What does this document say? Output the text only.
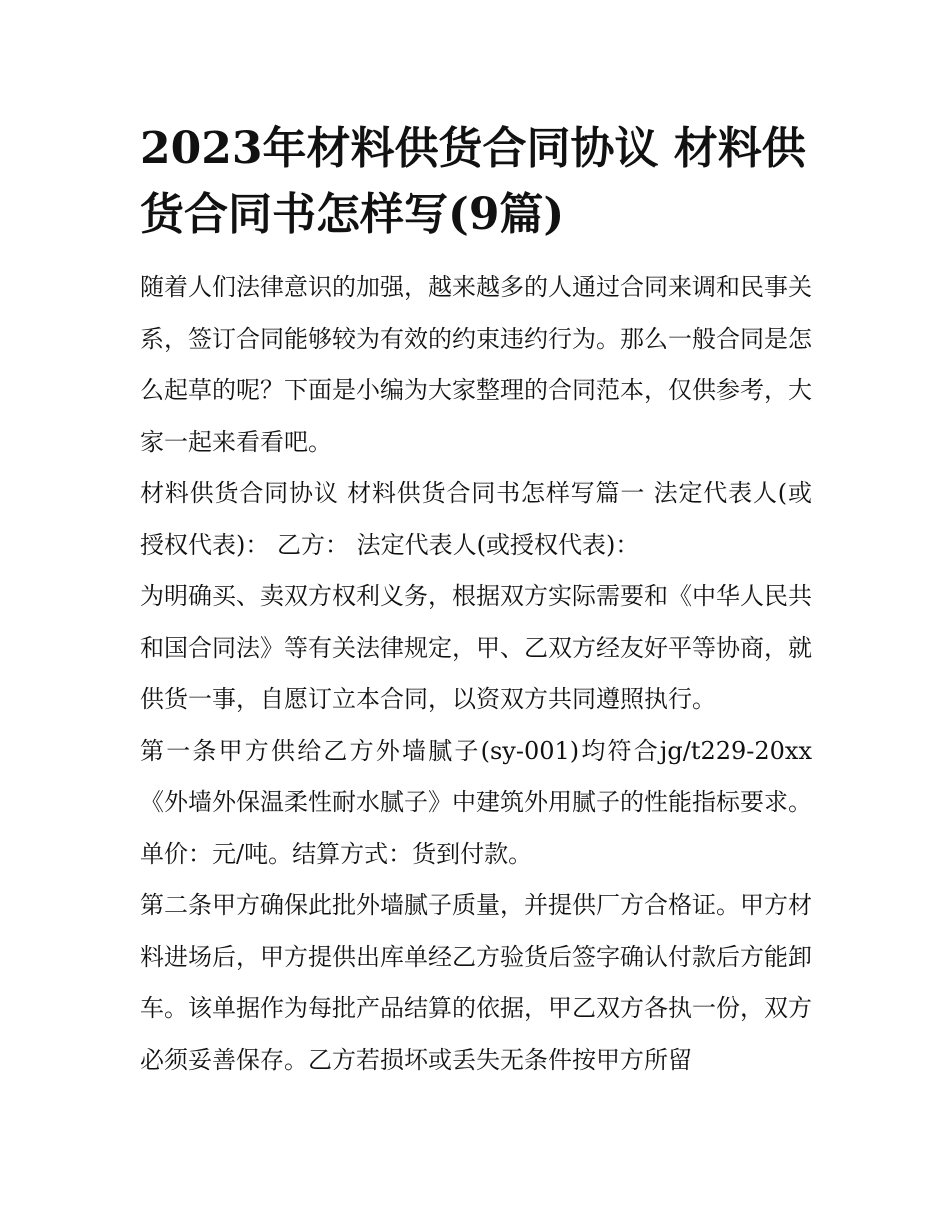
2023年材料供货合同协议 材料供货合同书怎样写(9篇)

随着人们法律意识的加强，越来越多的人通过合同来调和民事关系，签订合同能够较为有效的约束违约行为。那么一般合同是怎么起草的呢？下面是小编为大家整理的合同范本，仅供参考，大家一起来看看吧。

材料供货合同协议 材料供货合同书怎样写篇一 法定代表人(或授权代表)： 乙方： 法定代表人(或授权代表)：

为明确买、卖双方权利义务，根据双方实际需要和《中华人民共和国合同法》等有关法律规定，甲、乙双方经友好平等协商，就供货一事，自愿订立本合同，以资双方共同遵照执行。

第一条甲方供给乙方外墙腻子(sy-001)均符合jg/t229-20xx《外墙外保温柔性耐水腻子》中建筑外用腻子的性能指标要求。

单价：元/吨。结算方式：货到付款。

第二条甲方确保此批外墙腻子质量，并提供厂方合格证。甲方材料进场后，甲方提供出库单经乙方验货后签字确认付款后方能卸车。该单据作为每批产品结算的依据，甲乙双方各执一份，双方必须妥善保存。乙方若损坏或丢失无条件按甲方所留
